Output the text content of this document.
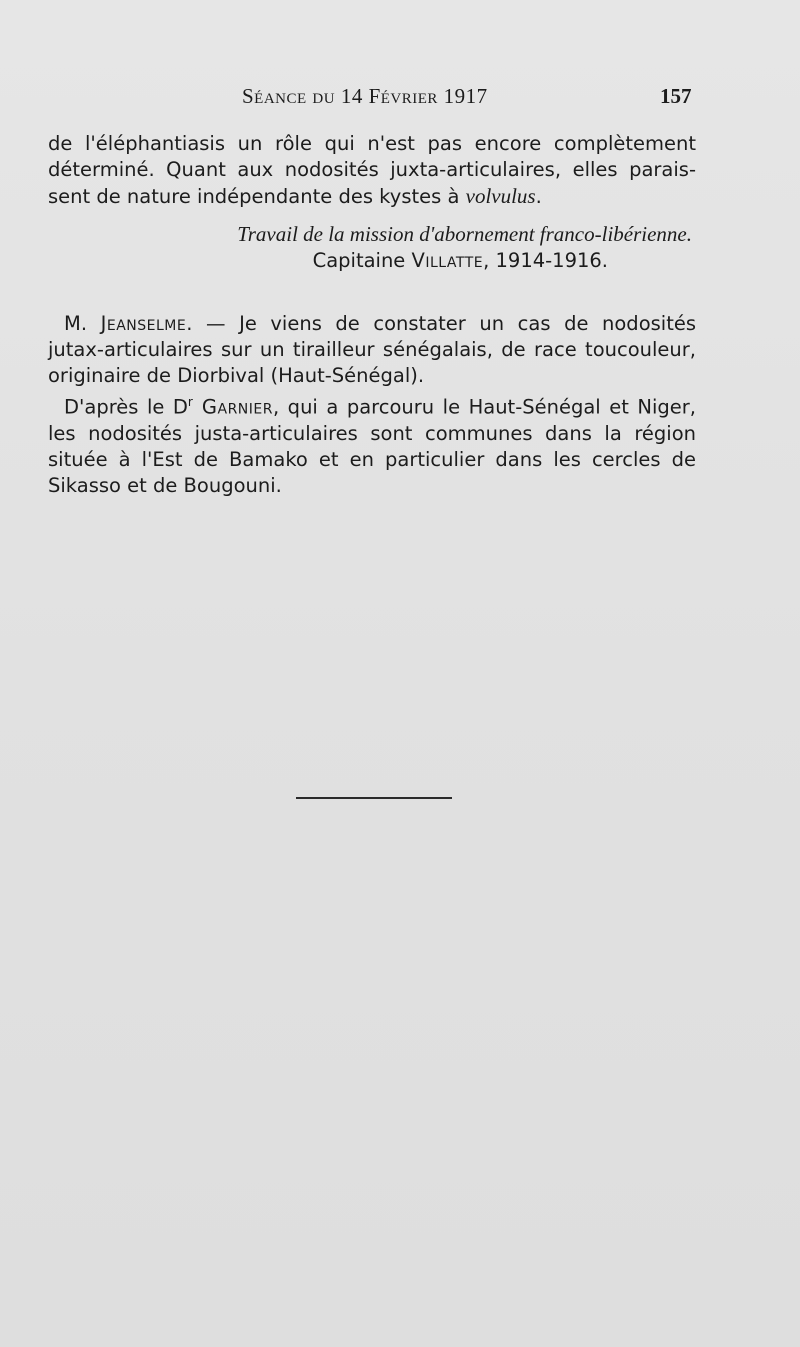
Séance du 14 Février 1917	157
de l'éléphantiasis un rôle qui n'est pas encore complètement
déterminé. Quant aux nodosités juxta-articulaires, elles parais-
sent de nature indépendante des kystes à volvulus.
Travail de la mission d'abornement franco-libérienne.
Capitaine Villatte, 1914-1916.
M. Jeanselme. — Je viens de constater un cas de nodosités
jutax-articulaires sur un tirailleur sénégalais, de race toucouleur,
originaire de Diorbival (Haut-Sénégal).
D'après le $D^r$ Garnier, qui a parcouru le Haut-Sénégal et Niger,
les nodosités justa-articulaires sont communes dans la région
située à l'Est de Bamako et en particulier dans les cercles de
Sikasso et de Bougouni.
